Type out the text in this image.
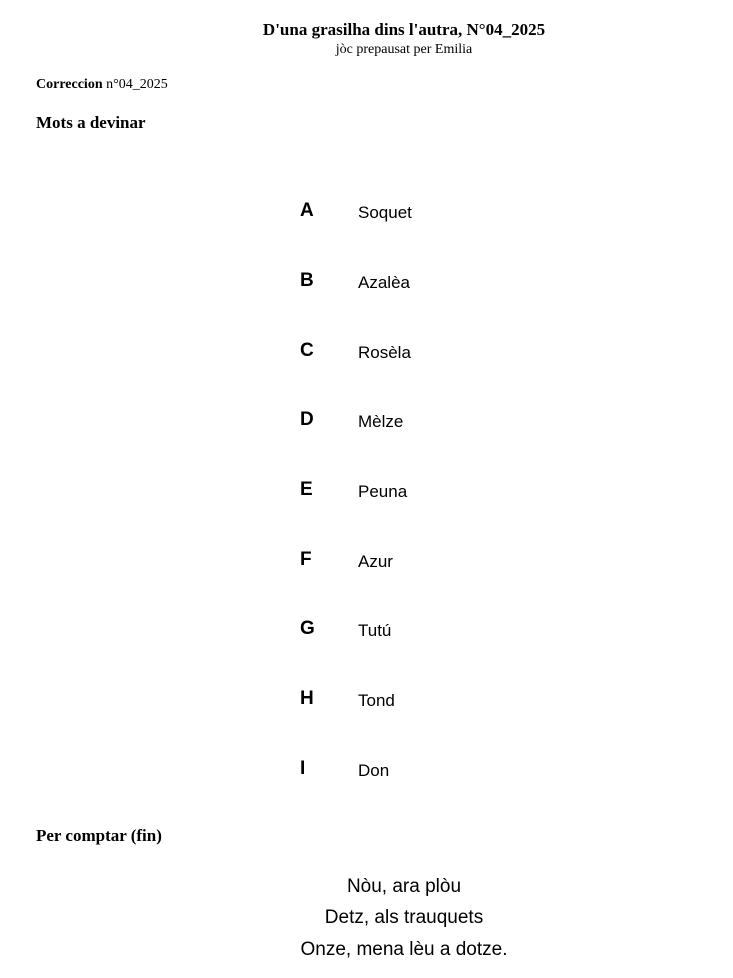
D'una grasilha dins l'autra, N°04_2025
jòc prepausat per Emilia
Correccion n°04_2025
Mots a devinar
A	Soquet
B	Azalèa
C	Rosèla
D	Mèlze
E	Peuna
F	Azur
G	Tutú
H	Tond
I	Don
Per comptar (fin)
Nòu, ara plòu
Detz, als trauquets
Onze, mena lèu a dotze.
